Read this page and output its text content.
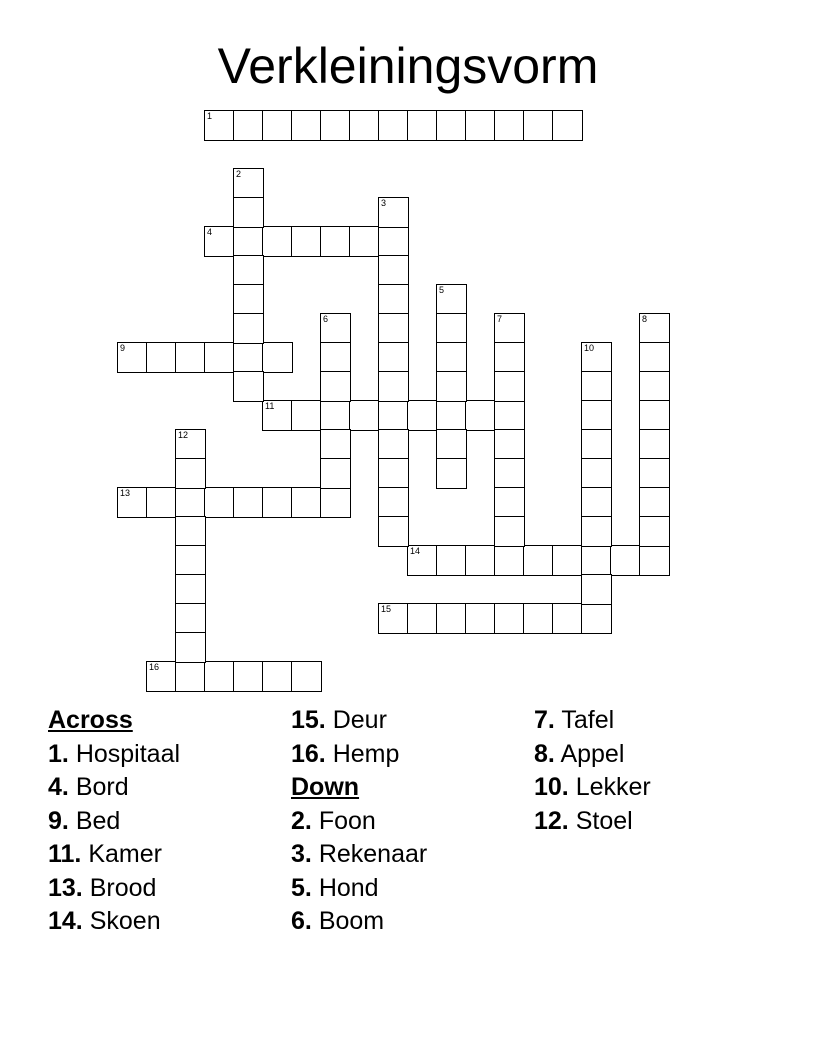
Verkleiningsvorm
1
2
3
4
5
6	7	8
9	10
11
12
13
14
15
16
Across
1. Hospitaal
4. Bord
9. Bed
11. Kamer
13. Brood
14. Skoen
15. Deur
16. Hemp
Down
2. Foon
3. Rekenaar
5. Hond
6. Boom
7. Tafel
8. Appel
10. Lekker
12. Stoel
